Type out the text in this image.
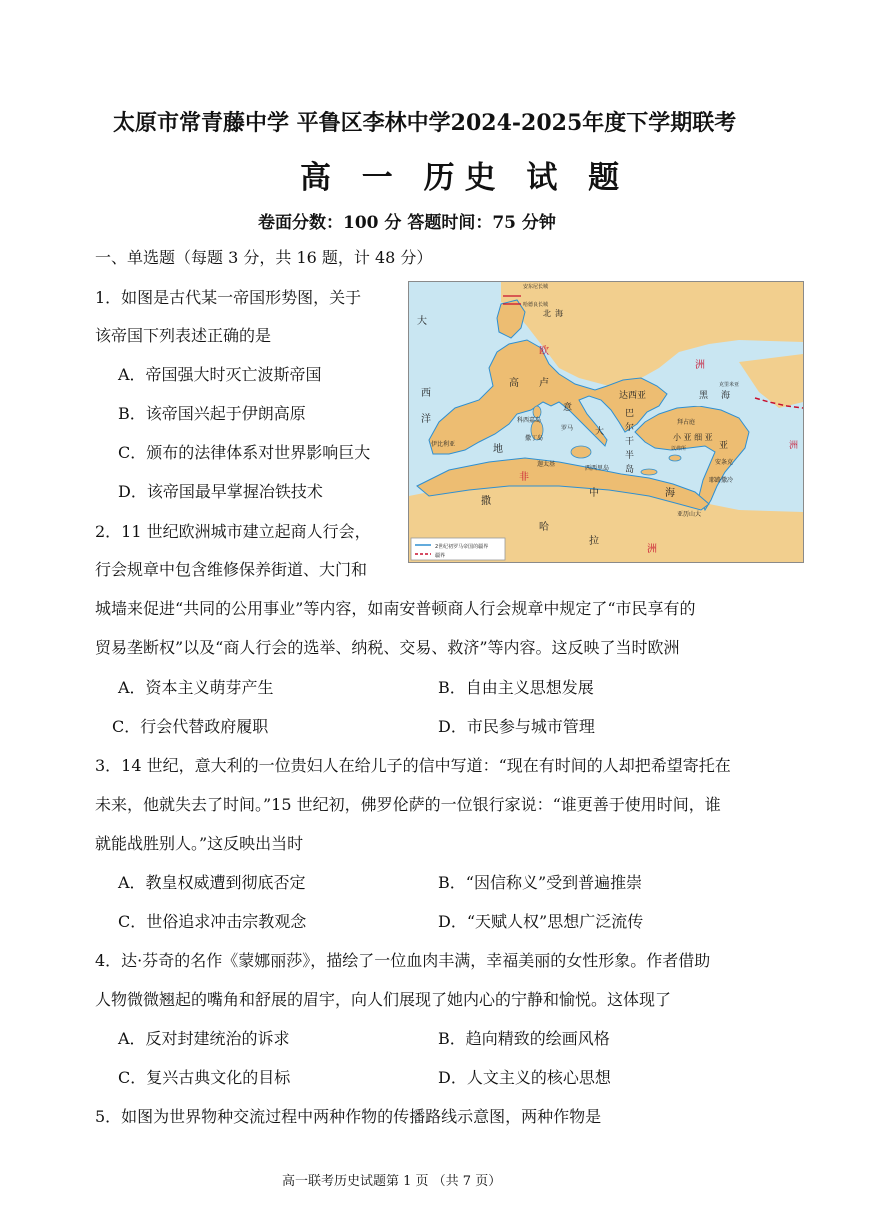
太原市常青藤中学 平鲁区李林中学2024-2025年度下学期联考
高 一 历史 试 题
卷面分数：100 分 答题时间：75 分钟
一、单选题（每题 3 分，共 16 题，计 48 分）
1．如图是古代某一帝国形势图，关于
该帝国下列表述正确的是
A．帝国强大时灭亡波斯帝国
B．该帝国兴起于伊朗高原
C．颁布的法律体系对世界影响巨大
D．该帝国最早掌握冶铁技术
2世纪初罗马帝国的疆界
疆界
安东尼长城
哈德良长城
大
西
洋
北 海
欧
洲
高 卢
意
大
达西亚
巴
尔
干
半
岛
黑 海
克里米亚
拜占庭
小 亚 细 亚
以弗所	亚	洲
安条克
耶路撒冷
亚历山大
科西嘉岛
撒丁岛
罗马
迦太基
西西里岛
伊比利亚	地
中	海
非
洲
撒
哈
拉
2．11 世纪欧洲城市建立起商人行会，
行会规章中包含维修保养街道、大门和
城墙来促进“共同的公用事业”等内容，如南安普顿商人行会规章中规定了“市民享有的
贸易垄断权”以及“商人行会的选举、纳税、交易、救济”等内容。这反映了当时欧洲
A．资本主义萌芽产生	B．自由主义思想发展
C．行会代替政府履职	D．市民参与城市管理
3．14 世纪，意大利的一位贵妇人在给儿子的信中写道：“现在有时间的人却把希望寄托在
未来，他就失去了时间。”15 世纪初，佛罗伦萨的一位银行家说：“谁更善于使用时间，谁
就能战胜别人。”这反映出当时
A．教皇权威遭到彻底否定	B．“因信称义”受到普遍推崇
C．世俗追求冲击宗教观念	D．“天赋人权”思想广泛流传
4．达·芬奇的名作《蒙娜丽莎》，描绘了一位血肉丰满，幸福美丽的女性形象。作者借助
人物微微翘起的嘴角和舒展的眉宇，向人们展现了她内心的宁静和愉悦。这体现了
A．反对封建统治的诉求	B．趋向精致的绘画风格
C．复兴古典文化的目标	D．人文主义的核心思想
5．如图为世界物种交流过程中两种作物的传播路线示意图，两种作物是
高一联考历史试题第 1 页 （共 7 页）
